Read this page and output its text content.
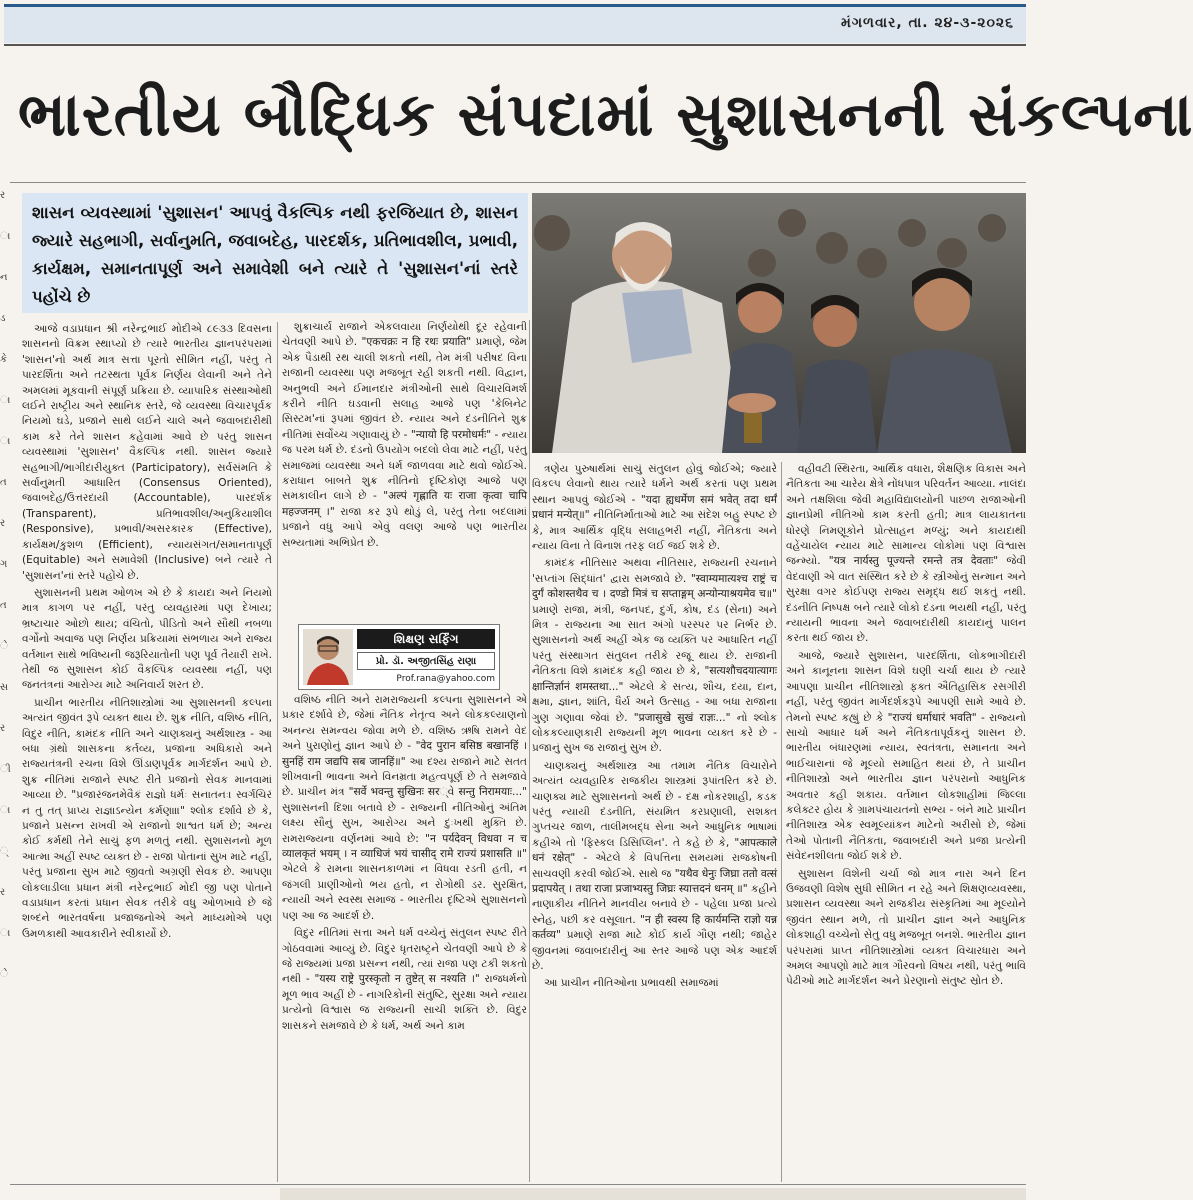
મંગળવાર, તા. ૨૪-૩-૨૦૨૬
ભારતીય બૌદ્ધિક સંપદામાં સુશાસનની સંકલ્પના
ર
ા
ન
ડ
કે
ા
ા
ત
ર
ગ
ત
ે
સ
ર
ી
ા
્
ર
ા
ે
શાસન વ્યવસ્થામાં 'સુશાસન' આપવું વૈકલ્પિક નથી ફરજિયાત છે, શાસન જ્યારે સહભાગી, સર્વાનુમતિ, જવાબદેહ, પારદર્શક, પ્રતિભાવશીલ, પ્રભાવી, કાર્યક્ષમ, સમાનતાપૂર્ણ અને સમાવેશી બને ત્યારે તે 'સુશાસન'નાં સ્તરે પહોંચે છે

આજે વડાપ્રધાન શ્રી નરેન્દ્રભાઈ મોદીએ ૮૯૩૩ દિવસના શાસનનો વિક્રમ સ્થાપ્યો છે ત્યારે ભારતીય જ્ઞાનપરંપરામાં 'શાસન'નો અર્થ માત્ર સત્તા પૂરતો સીમિત નહીં, પરંતુ તે પારદર્શિતા અને તટસ્થતા પૂર્વક નિર્ણય લેવાની અને તેને અમલમાં મૂકવાની સંપૂર્ણ પ્રક્રિયા છે. વ્યાપારિક સંસ્થાઓથી લઈને રાષ્ટ્રીય અને સ્થાનિક સ્તરે, જે વ્યવસ્થા વિચારપૂર્વક નિયમો ઘડે, પ્રજાને સાથે લઈને ચાલે અને જવાબદારીથી કામ કરે તેને શાસન કહેવામાં આવે છે પરંતુ શાસન વ્યવસ્થામાં 'સુશાસન' વૈકલ્પિક નથી. શાસન જ્યારે સહભાગી/ભાગીદારીયુક્ત (Participatory), સર્વસંમતિ કે સર્વાનુમતી આધારિત (Consensus Oriented), જવાબદેહ/ઉત્તરદાયી (Accountable), પારદર્શક (Transparent), પ્રતિભાવશીલ/અનુકિયાશીલ (Responsive), પ્રભાવી/અસરકારક (Effective), કાર્યક્ષમ/કુશળ (Efficient), ન્યાયસંગત/સમાનતાપૂર્ણ (Equitable) અને સમાવેશી (Inclusive) બને ત્યારે તે 'સુશાસન'નાં સ્તરે પહોંચે છે.

સુશાસનની પ્રથમ ઓળખ એ છે કે કાયદા અને નિયમો માત્ર કાગળ પર નહીં, પરંતુ વ્યવહારમાં પણ દેખાય; ભ્રષ્ટાચાર ઓછો થાય; વંચિતો, પીડિતો અને સૌથી નબળા વર્ગોનો અવાજ પણ નિર્ણય પ્રક્રિયામાં સંભળાય અને રાજ્ય વર્તમાન સાથે ભવિષ્યની જરૂરિયાતોની પણ પૂર્વ તૈયારી રાખે. તેથી જ સુશાસન કોઈ વૈકલ્પિક વ્યવસ્થા નહીં, પણ જનતંત્રનાં આરોગ્ય માટે અનિવાર્ય શરત છે.

પ્રાચીન ભારતીય નીતિશાસ્ત્રોમાં આ સુશાસનની કલ્પના અત્યંત જીવંત રૂપે વ્યક્ત થાય છે. શુક્ર નીતિ, વશિષ્ઠ નીતિ, વિદુર નીતિ, કામંદક નીતિ અને ચાણક્યનું અર્થશાસ્ત્ર - આ બધા ગ્રંથો શાસકના કર્તવ્ય, પ્રજાના અધિકારો અને રાજ્યતંત્રની રચના વિશે ઊંડાણપૂર્વક માર્ગદર્શન આપે છે. શુક્ર નીતિમાં રાજાને સ્પષ્ટ રીતે પ્રજાનો સેવક માનવામાં આવ્યા છે. "પ્રજારંજનમેવૈકં રાજ્ઞો ધર્મઃ સનાતનઃ। સ્વર્ગચિરં ન તુ તત્ પ્રાપ્ય રાજ્ઞાઽન્યેન કર્મણા॥" શ્લોક દર્શાવે છે કે, પ્રજાને પ્રસન્ન રાખવી એ રાજાનો શાશ્વત ધર્મ છે; અન્ય કોઈ કર્મથી તેને સાચું ફળ મળતું નથી. સુશાસનનો મૂળ આત્મા અહીં સ્પષ્ટ વ્યક્ત છે - રાજા પોતાનાં સુખ માટે નહીં, પરંતુ પ્રજાના સુખ માટે જીવતો અગ્રણી સેવક છે. આપણા લોકલાડીલા પ્રધાન મંત્રી નરેન્દ્રભાઈ મોદી જી પણ પોતાને વડાપ્રધાન કરતાં પ્રધાન સેવક તરીકે વધુ ઓળખાવે છે જે શબ્દને ભારતવર્ષના પ્રજાજનોએ અને માધ્યમોએ પણ ઉમળકાથી આવકારીને સ્વીકાર્યો છે.

શુક્રાચાર્ય રાજાને એકલવાયા નિર્ણયોથી દૂર રહેવાની ચેતવણી આપે છે. "एकचक्रः न हि रथः प्रयाति" પ્રમાણે, જેમ એક પૈડાથી રથ ચાલી શકતો નથી, તેમ મંત્રી પરીષદ વિના રાજાની વ્યવસ્થા પણ મજબૂત રહી શકતી નથી. વિદ્વાન, અનુભવી અને ઈમાનદાર મંત્રીઓની સાથે વિચારવિમર્શ કરીને નીતિ ઘડવાની સલાહ આજે પણ 'કેબિનેટ સિસ્ટમ'નાં રૂપમાં જીવંત છે. ન્યાય અને દંડનીતિને શુક્ર નીતિમાં સર્વોચ્ચ ગણાવાયું છે - "न्यायो हि परमोधर्मः" - ન્યાય જ પરમ ધર્મ છે. દંડનો ઉપયોગ બદલો લેવા માટે નહીં, પરંતુ સમાજમાં વ્યવસ્થા અને ધર્મ જાળવવા માટે થવો જોઈએ. કરાધાન બાબતે શુક્ર નીતિનો દૃષ્ટિકોણ આજે પણ સમકાલીન લાગે છે - "अल्पं गृह्णाति यः राजा कृत्वा चापि महज्जनम् ।" રાજા કર રૂપે થોડું લે, પરંતુ તેના બદલામાં પ્રજાને વધુ આપે એવું વલણ આજે પણ ભારતીય સભ્યતામાં અભિપ્રેત છે.

શિક્ષણ સર્ફિંગ
પ્રો. ડૉ. અજીતસિંહ રાણા
Prof.rana@yahoo.com

વશિષ્ઠ નીતિ અને રામરાજ્યની કલ્પના સુશાસનને એ પ્રકાર દર્શાવે છે, જેમાં નૈતિક નેતૃત્વ અને લોકકલ્યાણનો અનન્ય સમન્વય જોવા મળે છે. વશિષ્ઠ ઋષિ રામને વેદ અને પુરાણોનું જ્ઞાન આપે છે - "वेद पुरान बसिष्ठ बखानहिं । सुनहिं राम जद्यपि सब जानहिं॥" આ દશ્ય રાજાને માટે સતત શીખવાની ભાવના અને વિનમ્રતા મહત્વપૂર્ણ છે તે સમજાવે છે. પ્રાચીન મંત્ર "सर्वे भवन्तु सुखिनः सर્વે सन्तु निरामयाः..." સુશાસનની દિશા બતાવે છે - રાજ્યની નીતિઓનું અંતિમ લક્ષ્ય સૌનું સુખ, આરોગ્ય અને દુઃખથી મુક્તિ છે. રામરાજ્યના વર્ણનમાં આવે છે: "न पर्यदेवन् विधवा न च व्यालकृतं भयम् । न व्याधिजं भयं चासीद् रामे राज्यं प्रशासति ॥" એટલે કે રામના શાસનકાળમાં ન વિધવા રડતી હતી, ન જંગલી પ્રાણીઓનો ભય હતો, ન રોગોથી ડર. સુરક્ષિત, ન્યાયી અને સ્વસ્થ સમાજ - ભારતીય દૃષ્ટિએ સુશાસનનો પણ આ જ આદર્શ છે.

વિદુર નીતિમાં સત્તા અને ધર્મ વચ્ચેનું સંતુલન સ્પષ્ટ રીતે ગોઠવવામાં આવ્યું છે. વિદુર ધૃતરાષ્ટ્રને ચેતવણી આપે છે કે જે રાજ્યમાં પ્રજા પ્રસન્ન નથી, ત્યાં રાજા પણ ટકી શકતો નથી - "यस्य राष्ट्रे पुरस्कृतो न तुष्टेत् स नश्यति ।" રાજધર્મનો મૂળ ભાવ અહીં છે - નાગરિકોની સંતુષ્ટિ, સુરક્ષા અને ન્યાય પ્રત્યેનો વિશ્વાસ જ રાજ્યની સાચી શક્તિ છે. વિદુર શાસકને સમજાવે છે કે ધર્મ, અર્થ અને કામ

ત્રણેય પુરુષાર્થમાં સાચું સંતુલન હોવું જોઈએ; જ્યારે વિકલ્પ લેવાનો થાય ત્યારે ધર્મને અર્થ કરતાં પણ પ્રથમ સ્થાન આપવું જોઈએ - "यदा ह्यधर्मेण समं भवेत् तदा धर्मं प्रधानं मन्येत्॥" નીતિનિર્માતાઓ માટે આ સંદેશ બહુ સ્પષ્ટ છે કે, માત્ર આર્થિક વૃદ્ધિ સલાહભરી નહીં, નૈતિકતા અને ન્યાય વિના તે વિનાશ તરફ લઈ જઈ શકે છે.

કામંદક નીતિસાર અથવા નીતિસાર, રાજ્યની રચનાને 'સપ્તાંગ સિદ્ધાંત' દ્વારા સમજાવે છે. "स्वाम्यमात्यश्च राष्ट्रं च दुर्गं कोशस्तथैव च । दण्डो मित्रं च सप्ताङ्गम् अन्योन्याश्रयमेव च॥" પ્રમાણે રાજા, મંત્રી, જનપદ, દુર્ગ, કોષ, દંડ (સેના) અને મિત્ર - રાજ્યના આ સાત અંગો પરસ્પર પર નિર્ભર છે. સુશાસનનો અર્થ અહીં એક જ વ્યક્તિ પર આધારિત નહીં પરંતુ સંસ્થાગત સંતુલન તરીકે રજૂ થાય છે. રાજાની નૈતિકતા વિશે કામંદક કહી જાય છે કે, "सत्यशौचदयात्यागः क्षान्तिर्ज्ञानं शमस्तथा..." એટલે કે સત્ય, શૌચ, દયા, દાન, ક્ષમા, જ્ઞાન, શાંતિ, ધૈર્ય અને ઉત્સાહ - આ બધા રાજાના ગુણ ગણાવા જેવાં છે. "प्रजासुखे सुखं राज्ञः..." નો શ્લોક લોકકલ્યાણકારી રાજ્યની મૂળ ભાવના વ્યક્ત કરે છે - પ્રજાનું સુખ જ રાજાનું સુખ છે.

ચાણક્યનું અર્થશાસ્ત્ર આ તમામ નૈતિક વિચારોને અત્યંત વ્યવહારિક રાજકીય શાસ્ત્રમાં રૂપાંતરિત કરે છે. ચાણક્ય માટે સુશાસનનો અર્થ છે - દક્ષ નોકરશાહી, કડક પરંતુ ન્યાયી દંડનીતિ, સંયમિત કરપ્રણાલી, સશક્ત ગુપ્તચર જાળ, તાલીમબદ્ધ સેના અને આધુનિક ભાષામાં કહીએ તો 'ફિસ્કલ ડિસિપ્લિન'. તે કહે છે કે, "आपत्काले धनं रक्षेत्" - એટલે કે વિપત્તિના સમયમાં રાજકોષની સાચવણી કરવી જોઈએ. સાથે જ "यथैव धेनुः जिघ्रा ततो वत्सं प्रदापयेत् । तथा राजा प्रजाभ्यस्तु जिघ्रः स्यात्तदनं धनम् ॥" કહીને નાણાકીય નીતિને માનવીય બનાવે છે - પહેલા પ્રજા પ્રત્યે સ્નેહ, પછી કર વસૂલાત. "न ही स्वस्य हि कार्यमन्ति राज्ञो यन्न कर्तव्य" પ્રમાણે રાજા માટે કોઈ કાર્ય ગૌણ નથી; જાહેર જીવનમાં જવાબદારીનું આ સ્તર આજે પણ એક આદર્શ છે.

આ પ્રાચીન નીતિઓના પ્રભાવથી સમાજમાં

વહીવટી સ્થિરતા, આર્થિક વધારા, શૈક્ષણિક વિકાસ અને નૈતિકતા આ ચારેય ક્ષેત્રે નોંધપાત્ર પરિવર્તન આવ્યા. નાલંદા અને તક્ષશિલા જેવી મહાવિદ્યાલયોની પાછળ રાજાઓની જ્ઞાનપ્રેમી નીતિઓ કામ કરતી હતી; માત્ર લાયકાતના ધોરણે નિમણૂકોને પ્રોત્સાહન મળ્યું; અને કાયદાથી વહેંચાયેલ ન્યાય માટે સામાન્ય લોકોમાં પણ વિશ્વાસ જન્મ્યો. "यत्र नार्यस्तु पूज्यन्ते रमन्ते तत्र देवताः" જેવી વેદવાણી એ વાત સંસ્થિત કરે છે કે સ્ત્રીઓનું સન્માન અને સુરક્ષા વગર કોઈપણ રાજ્ય સમૃદ્ધ થઈ શકતું નથી. દંડનીતિ નિષ્પક્ષ બને ત્યારે લોકો દંડના ભયથી નહીં, પરંતુ ન્યાયની ભાવના અને જવાબદારીથી કાયદાનું પાલન કરતા થઈ જાય છે.

આજે, જ્યારે સુશાસન, પારદર્શિતા, લોકભાગીદારી અને કાનૂનના શાસન વિશે ઘણી ચર્ચા થાય છે ત્યારે આપણા પ્રાચીન નીતિશાસ્ત્રો ફક્ત ઐતિહાસિક રસગીરી નહીં, પરંતુ જીવંત માર્ગદર્શકરૂપે આપણી સામે આવે છે. તેમનો સ્પષ્ટ કહ્યું છે કે "राज्यं धर्माधारं भवति" - રાજ્યનો સાચો આધાર ધર્મ અને નૈતિકતાપૂર્વકનું શાસન છે. ભારતીય બંધારણમાં ન્યાય, સ્વતંત્રતા, સમાનતા અને ભાઈચારાનાં જે મૂલ્યો સમાહિત થયાં છે, તે પ્રાચીન નીતિશાસ્ત્રો અને ભારતીય જ્ઞાન પરંપરાનો આધુનિક અવતાર કહી શકાય. વર્તમાન લોકશાહીમાં જિલ્લા કલેક્ટર હોય કે ગ્રામપંચાયતનો સભ્ય - બંને માટે પ્રાચીન નીતિશાસ્ત્ર એક સ્વમૂલ્યાંકન માટેનો અરીસો છે, જેમાં તેઓ પોતાની નૈતિકતા, જવાબદારી અને પ્રજા પ્રત્યેની સંવેદનશીલતા જોઈ શકે છે.

સુશાસન વિશેની ચર્ચા જો માત્ર નારા અને દિન ઉજવણી વિશેષ સુધી સીમિત ન રહે અને શિક્ષણવ્યવસ્થા, પ્રશાસન વ્યવસ્થા અને રાજકીય સંસ્કૃતિમાં આ મૂલ્યોને જીવંત સ્થાન મળે, તો પ્રાચીન જ્ઞાન અને આધુનિક લોકશાહી વચ્ચેનો સેતુ વધુ મજબૂત બનશે. ભારતીય જ્ઞાન પરંપરામાં પ્રાપ્ત નીતિશાસ્ત્રોમાં વ્યક્ત વિચારધારા અને અમલ આપણો માટે માત્ર ગૌરવનો વિષય નથી, પરંતુ ભાવિ પેઢીઓ માટે માર્ગદર્શન અને પ્રેરણાનો સંતુષ્ટ સ્રોત છે.
